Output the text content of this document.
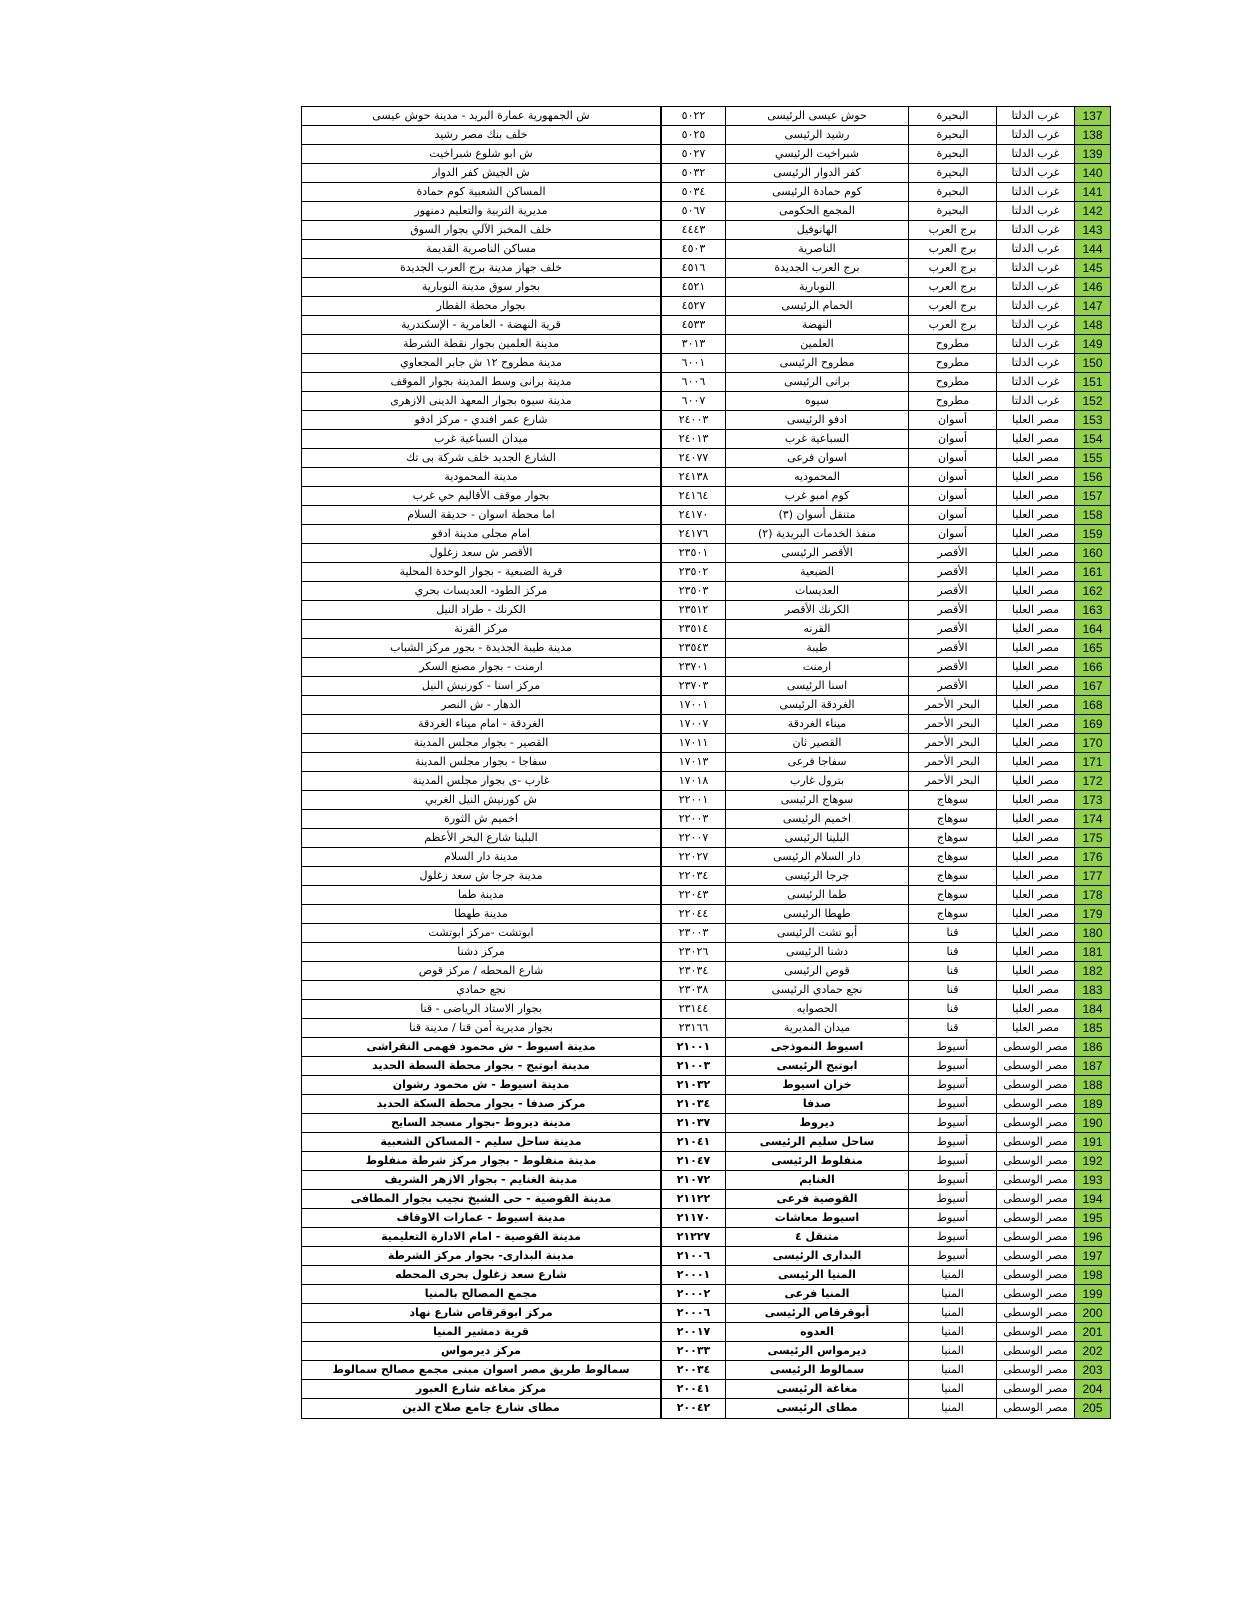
137
غرب الدلتا
البحيرة
حوش عيسى الرئيسى
٥٠٢٢
ش الجمهورية عمارة البريد - مدينة حوش عيسى
138
غرب الدلتا
البحيرة
رشيد الرئيسى
٥٠٢٥
خلف بنك مصر رشيد
139
غرب الدلتا
البحيرة
شبراخيت الرئيسي
٥٠٢٧
ش ابو شلوع شبراخيت
140
غرب الدلتا
البحيرة
كفر الدوار الرئيسى
٥٠٣٢
ش الجيش كفر الدوار
141
غرب الدلتا
البحيرة
كوم حمادة الرئيسى
٥٠٣٤
المساكن الشعبية كوم حمادة
142
غرب الدلتا
البحيرة
المجمع الحكومى
٥٠٦٧
مديرية التربية والتعليم دمنهور
143
غرب الدلتا
برج العرب
الهانوفيل
٤٤٤٣
خلف المخبز الآلي بجوار السوق
144
غرب الدلتا
برج العرب
الناصرية
٤٥٠٣
مساكن الناصرية القديمة
145
غرب الدلتا
برج العرب
برج العرب الجديدة
٤٥١٦
خلف جهاز مدينة برج العرب الجديدة
146
غرب الدلتا
برج العرب
النوبارية
٤٥٢١
بجوار سوق مدينة النوبارية
147
غرب الدلتا
برج العرب
الحمام الرئيسى
٤٥٢٧
بجوار محطة القطار
148
غرب الدلتا
برج العرب
النهضة
٤٥٣٣
قرية النهضة - العامرية - الإسكندرية
149
غرب الدلتا
مطروح
العلمين
٣٠١٣
مدينة العلمين بجوار نقطة الشرطة
150
غرب الدلتا
مطروح
مطروح الرئيسى
٦٠٠١
مدينة مطروح ١٢ ش جابر المجعاوي
151
غرب الدلتا
مطروح
برانى الرئيسى
٦٠٠٦
مدينة برانى وسط المدينة بجوار الموقف
152
غرب الدلتا
مطروح
سيوه
٦٠٠٧
مدينة سيوه بجوار المعهد الدينى الازهرى
153
مصر العليا
أسوان
ادفو الرئيسى
٢٤٠٠٣
شارع عمر افندي - مركز ادفو
154
مصر العليا
أسوان
السباعية غرب
٢٤٠١٣
ميدان السباعية غرب
155
مصر العليا
أسوان
اسوان فرعى
٢٤٠٧٧
الشارع الجديد خلف شركة بى تك
156
مصر العليا
أسوان
المحموديه
٢٤١٣٨
مدينة المحمودية
157
مصر العليا
أسوان
كوم امبو غرب
٢٤١٦٤
بجوار موقف الأقاليم حي غرب
158
مصر العليا
أسوان
متنقل أسوان (٣)
٢٤١٧٠
اما محطة اسوان - حديقة السلام
159
مصر العليا
أسوان
منفذ الخدمات البريدية (٢)
٢٤١٧٦
امام مجلى مدينة ادفو
160
مصر العليا
الأقصر
الأقصر الرئيسى
٢٣٥٠١
الأقصر ش سعد زغلول
161
مصر العليا
الأقصر
الضبعية
٢٣٥٠٢
قرية الضبعية - بجوار الوحدة المحلية
162
مصر العليا
الأقصر
العديسات
٢٣٥٠٣
مركز الطود- العديسات بحري
163
مصر العليا
الأقصر
الكرنك الأقصر
٢٣٥١٢
الكرنك - طراد النيل
164
مصر العليا
الأقصر
القرنه
٢٣٥١٤
مركز القرنة
165
مصر العليا
الأقصر
طيبة
٢٣٥٤٣
مدينة طيبة الجديدة - بجور مركز الشباب
166
مصر العليا
الأقصر
ارمنت
٢٣٧٠١
ارمنت - بجوار مصنع السكر
167
مصر العليا
الأقصر
اسنا الرئيسى
٢٣٧٠٣
مركز اسنا - كورنيش النيل
168
مصر العليا
البحر الأحمر
الغردقة الرئيسى
١٧٠٠١
الدهار - ش النصر
169
مصر العليا
البحر الأحمر
ميناء الغردقة
١٧٠٠٧
الغردقة - امام ميناء الغردقة
170
مصر العليا
البحر الأحمر
القصير ثان
١٧٠١١
القصير - بجوار مجلس المدينة
171
مصر العليا
البحر الأحمر
سفاجا فرعى
١٧٠١٣
سفاجا - بجوار مجلس المدينة
172
مصر العليا
البحر الأحمر
بترول غارب
١٧٠١٨
غارب -ى بجوار مجلس المدينة
173
مصر العليا
سوهاج
سوهاج الرئيسى
٢٢٠٠١
ش كورنيش النيل الغربي
174
مصر العليا
سوهاج
اخميم الرئيسى
٢٢٠٠٣
اخميم ش الثورة
175
مصر العليا
سوهاج
البلينا الرئيسى
٢٢٠٠٧
البلينا شارع البحر الأعظم
176
مصر العليا
سوهاج
دار السلام الرئيسى
٢٢٠٢٧
مدينة دار السلام
177
مصر العليا
سوهاج
جرجا الرئيسى
٢٢٠٣٤
مدينة جرجا ش سعد زغلول
178
مصر العليا
سوهاج
طما الرئيسى
٢٢٠٤٣
مدينة طما
179
مصر العليا
سوهاج
طهطا الرئيسى
٢٢٠٤٤
مدينة طهطا
180
مصر العليا
قنا
أبو تشت الرئيسى
٢٣٠٠٣
ابوتشت -مركز ابوتشت
181
مصر العليا
قنا
دشنا الرئيسى
٢٣٠٢٦
مركز دشنا
182
مصر العليا
قنا
قوص الرئيسى
٢٣٠٣٤
شارع المحطه / مركز قوص
183
مصر العليا
قنا
نجع حمادي الرئيسى
٢٣٠٣٨
نجع حمادي
184
مصر العليا
قنا
الحصوايه
٢٣١٤٤
بجوار الاستاد الرياضى - قنا
185
مصر العليا
قنا
ميدان المديرية
٢٣١٦٦
بجوار مديرية أمن قنا / مدينة قنا
186
مصر الوسطى
أسيوط
اسيوط النموذجى
٢١٠٠١
مدينة اسيوط - ش محمود فهمى النقراشى
187
مصر الوسطى
أسيوط
ابوتيج الرئيسى
٢١٠٠٣
مدينة ابوتيج - بجوار محطة السطة الحديد
188
مصر الوسطى
أسيوط
خزان اسيوط
٢١٠٣٢
مدينة اسيوط - ش محمود رشوان
189
مصر الوسطى
أسيوط
صدفا
٢١٠٣٤
مركز صدفا - بجوار محطة السكة الحديد
190
مصر الوسطى
أسيوط
ديروط
٢١٠٣٧
مدينة ديروط -بجوار مسجد السايح
191
مصر الوسطى
أسيوط
ساحل سليم الرئيسى
٢١٠٤١
مدينة ساحل سليم - المساكن الشعبية
192
مصر الوسطى
أسيوط
منفلوط الرئيسى
٢١٠٤٧
مدينة منفلوط - بجوار مركز شرطة منفلوط
193
مصر الوسطى
أسيوط
الغنايم
٢١٠٧٢
مدينة الغنايم - بجوار الازهر الشريف
194
مصر الوسطى
أسيوط
القوصية فرعى
٢١١٢٢
مدينة القوصية - حى الشيخ نجيب بجوار المطافى
195
مصر الوسطى
أسيوط
اسيوط معاشات
٢١١٧٠
مدينة اسيوط - عمارات الاوقاف
196
مصر الوسطى
أسيوط
متنقل ٤
٢١٢٢٧
مدينة القوصية - امام الادارة التعليمية
197
مصر الوسطى
أسيوط
البدارى الرئيسى
٢١٠٠٦
مدينة البدارى- بجوار مركز الشرطة
198
مصر الوسطى
المنيا
المنيا الرئيسى
٢٠٠٠١
شارع سعد زغلول بحرى المحطه
199
مصر الوسطى
المنيا
المنيا فرعى
٢٠٠٠٢
مجمع المصالح بالمنيا
200
مصر الوسطى
المنيا
أبوقرقاص الرئيسى
٢٠٠٠٦
مركز ابوقرقاص شارع نهاد
201
مصر الوسطى
المنيا
العدوه
٢٠٠١٧
قرية دمشير المنيا
202
مصر الوسطى
المنيا
ديرمواس الرئيسى
٢٠٠٣٣
مركز ديرمواس
203
مصر الوسطى
المنيا
سمالوط الرئيسى
٢٠٠٣٤
سمالوط طريق مصر اسوان مبنى مجمع مصالح سمالوط
204
مصر الوسطى
المنيا
مغاغة الرئيسى
٢٠٠٤١
مركز مغاغه شارع العبور
205
مصر الوسطى
المنيا
مطاى الرئيسى
٢٠٠٤٢
مطاى شارع جامع صلاح الدين
